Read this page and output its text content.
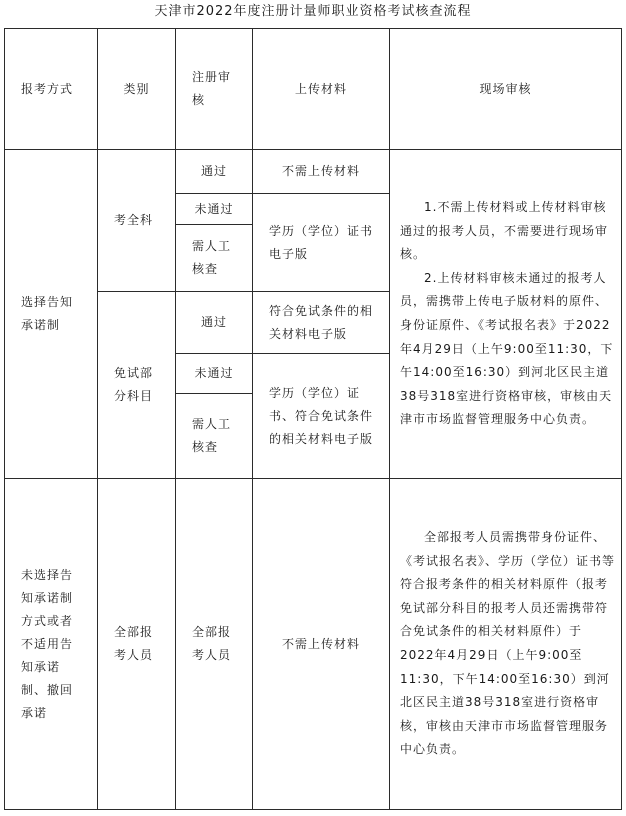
天津市2022年度注册计量师职业资格考试核查流程
报考方式	类别	注册审核	上传材料	现场审核

选择告知承诺制	考全科	通过	不需上传材料	1.不需上传材料或上传材料审核通过的报考人员，不需要进行现场审核。
2.上传材料审核未通过的报考人员，需携带上传电子版材料的原件、身份证原件、《考试报名表》于2022年4月29日（上午9:00至11:30，下午14:00至16:30）到河北区民主道38号318室进行资格审核，审核由天津市市场监督管理服务中心负责。

		未通过	学历（学位）证书电子版	

		需人工核查		

	免试部分科目	通过	符合免试条件的相关材料电子版	

		未通过	学历（学位）证书、符合免试条件的相关材料电子版	

		需人工核查		

未选择告知承诺制方式或者不适用告知承诺制、撤回承诺	全部报考人员	全部报考人员	不需上传材料	全部报考人员需携带身份证件、《考试报名表》、学历（学位）证书等符合报考条件的相关材料原件（报考免试部分科目的报考人员还需携带符合免试条件的相关材料原件）于2022年4月29日（上午9:00至11:30，下午14:00至16:30）到河北区民主道38号318室进行资格审核，审核由天津市市场监督管理服务中心负责。
